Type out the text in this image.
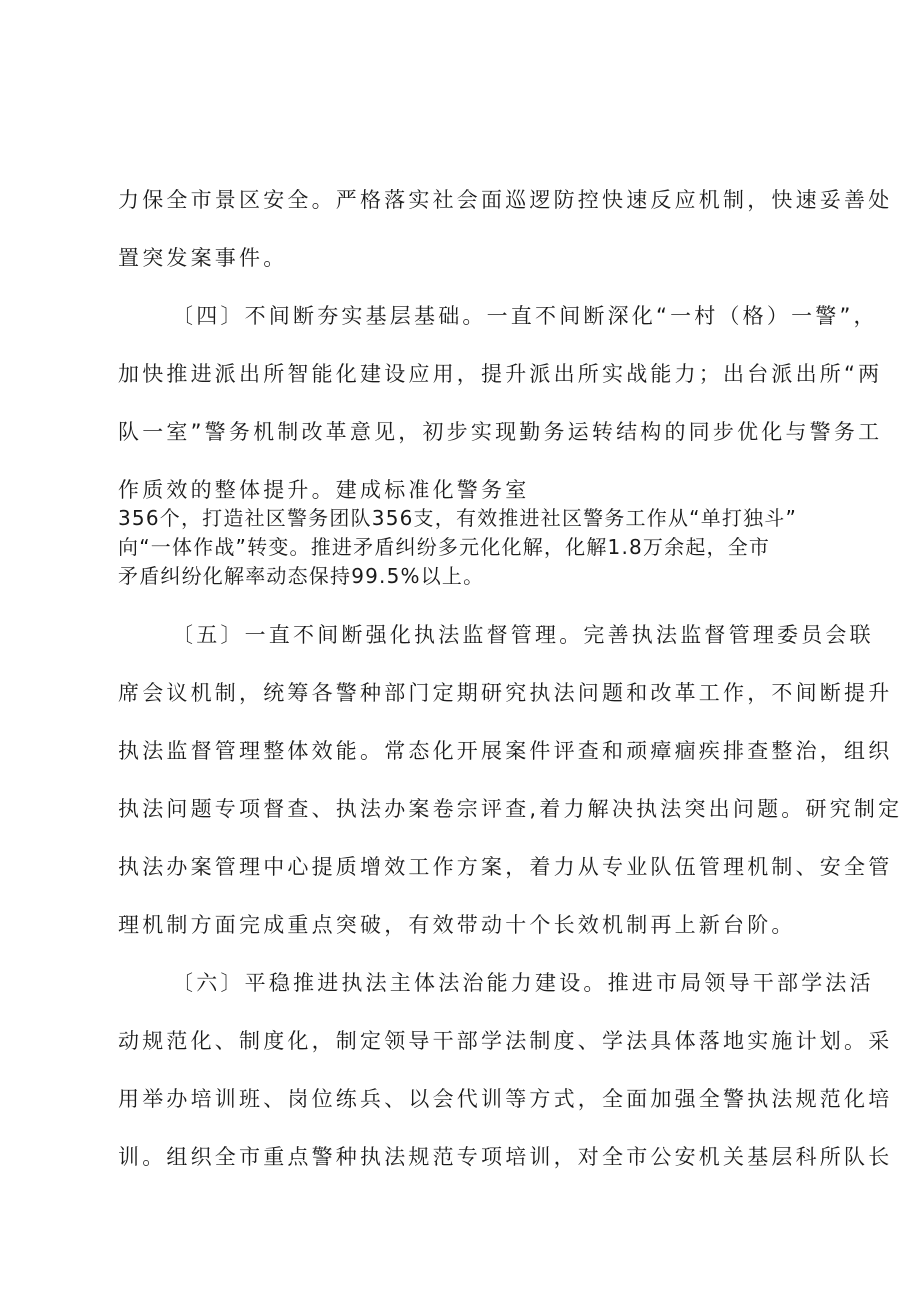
力保全市景区安全。严格落实社会面巡逻防控快速反应机制，快速妥善处
置突发案事件。
〔四〕不间断夯实基层基础。一直不间断深化“一村（格）一警”，
加快推进派出所智能化建设应用，提升派出所实战能力；出台派出所“两
队一室”警务机制改革意见，初步实现勤务运转结构的同步优化与警务工
作质效的整体提升。建成标准化警务室
356个，打造社区警务团队356支，有效推进社区警务工作从“单打独斗”
向“一体作战”转变。推进矛盾纠纷多元化化解，化解1.8万余起，全市
矛盾纠纷化解率动态保持99.5%以上。
〔五〕一直不间断强化执法监督管理。完善执法监督管理委员会联
席会议机制，统筹各警种部门定期研究执法问题和改革工作，不间断提升
执法监督管理整体效能。常态化开展案件评查和顽瘴痼疾排查整治，组织
执法问题专项督查、执法办案卷宗评查,着力解决执法突出问题。研究制定
执法办案管理中心提质增效工作方案，着力从专业队伍管理机制、安全管
理机制方面完成重点突破，有效带动十个长效机制再上新台阶。
〔六〕平稳推进执法主体法治能力建设。推进市局领导干部学法活
动规范化、制度化，制定领导干部学法制度、学法具体落地实施计划。采
用举办培训班、岗位练兵、以会代训等方式，全面加强全警执法规范化培
训。组织全市重点警种执法规范专项培训，对全市公安机关基层科所队长
